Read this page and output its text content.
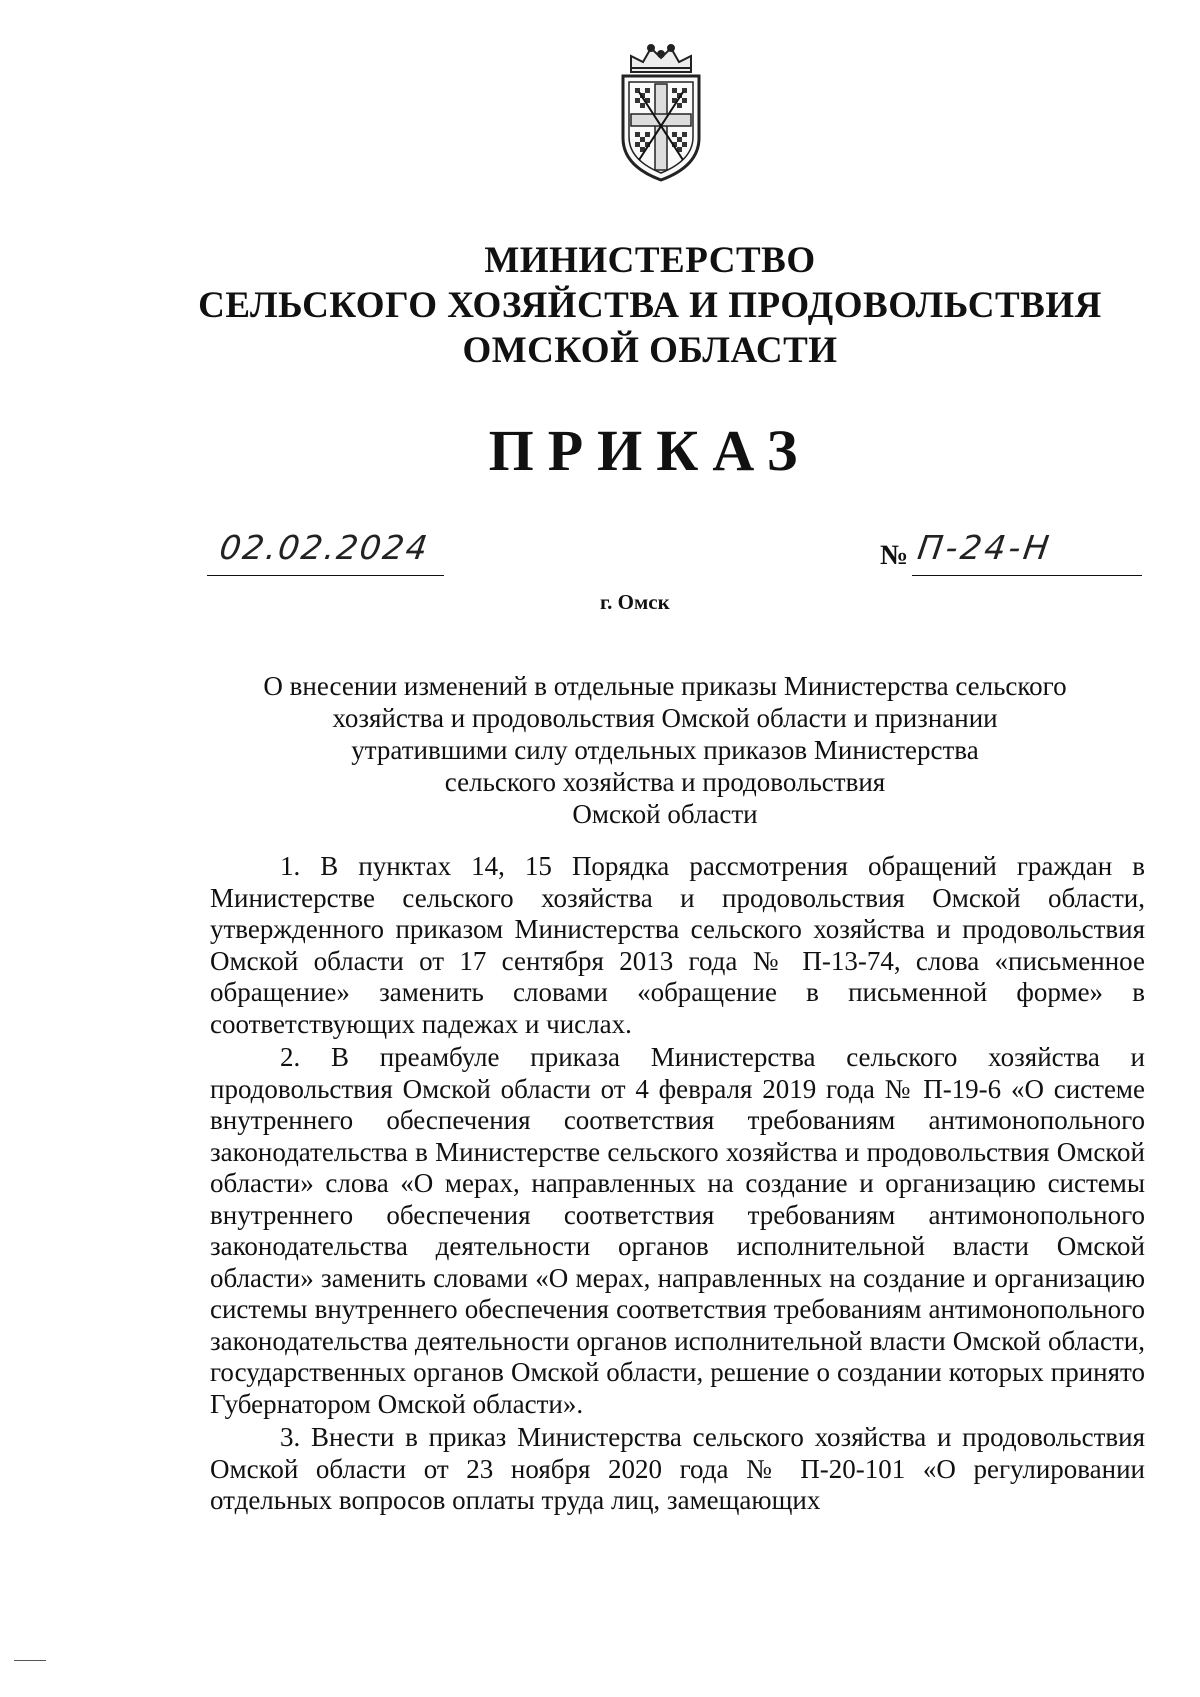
МИНИСТЕРСТВО
СЕЛЬСКОГО ХОЗЯЙСТВА И ПРОДОВОЛЬСТВИЯ
ОМСКОЙ ОБЛАСТИ
ПРИКАЗ
02.02.2024	№ П-24-Н
г. Омск
О внесении изменений в отдельные приказы Министерства сельского
хозяйства и продовольствия Омской области и признании
утратившими силу отдельных приказов Министерства
сельского хозяйства и продовольствия
Омской области

1. В пунктах 14, 15 Порядка рассмотрения обращений граждан в Министерстве сельского хозяйства и продовольствия Омской области, утвержденного приказом Министерства сельского хозяйства и продовольствия Омской области от 17 сентября 2013 года № П-13-74, слова «письменное обращение» заменить словами «обращение в письменной форме» в соответствующих падежах и числах.

2. В преамбуле приказа Министерства сельского хозяйства и продовольствия Омской области от 4 февраля 2019 года № П-19-6 «О системе внутреннего обеспечения соответствия требованиям антимонопольного законодательства в Министерстве сельского хозяйства и продовольствия Омской области» слова «О мерах, направленных на создание и организацию системы внутреннего обеспечения соответствия требованиям антимонопольного законодательства деятельности органов исполнительной власти Омской области» заменить словами «О мерах, направленных на создание и организацию системы внутреннего обеспечения соответствия требованиям антимонопольного законодательства деятельности органов исполнительной власти Омской области, государственных органов Омской области, решение о создании которых принято Губернатором Омской области».

3. Внести в приказ Министерства сельского хозяйства и продовольствия Омской области от 23 ноября 2020 года № П-20-101 «О регулировании отдельных вопросов оплаты труда лиц, замещающих
